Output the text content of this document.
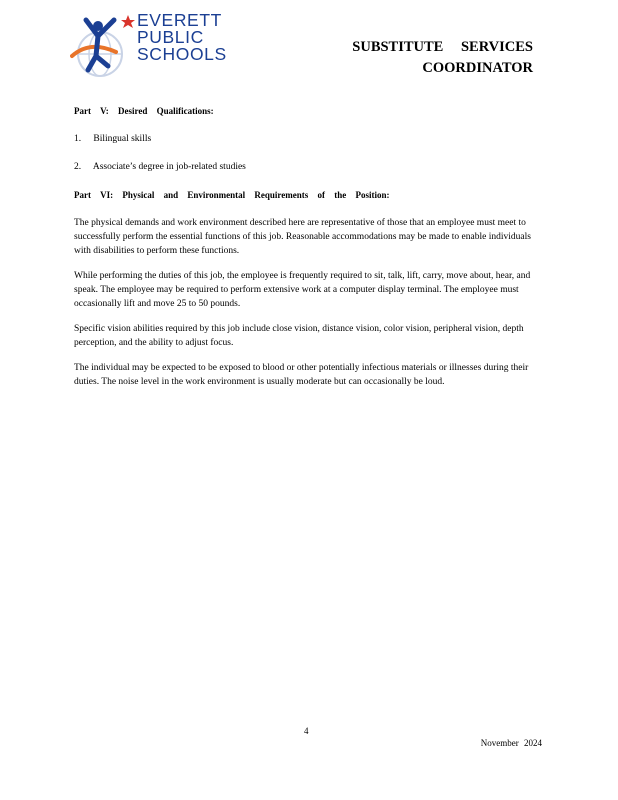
EVERETT
PUBLIC
SCHOOLS	SUBSTITUTE SERVICES
COORDINATOR
Part V: Desired Qualifications:
1. Bilingual skills
2. Associate’s degree in job-related studies
Part VI: Physical and Environmental Requirements of the Position:

The physical demands and work environment described here are representative of those that an employee must meet to successfully perform the essential functions of this job. Reasonable accommodations may be made to enable individuals with disabilities to perform these functions.

While performing the duties of this job, the employee is frequently required to sit, talk, lift, carry, move about, hear, and speak. The employee may be required to perform extensive work at a computer display terminal. The employee must occasionally lift and move 25 to 50 pounds.

Specific vision abilities required by this job include close vision, distance vision, color vision, peripheral vision, depth perception, and the ability to adjust focus.

The individual may be expected to be exposed to blood or other potentially infectious materials or illnesses during their duties. The noise level in the work environment is usually moderate but can occasionally be loud.

4
November 2024
